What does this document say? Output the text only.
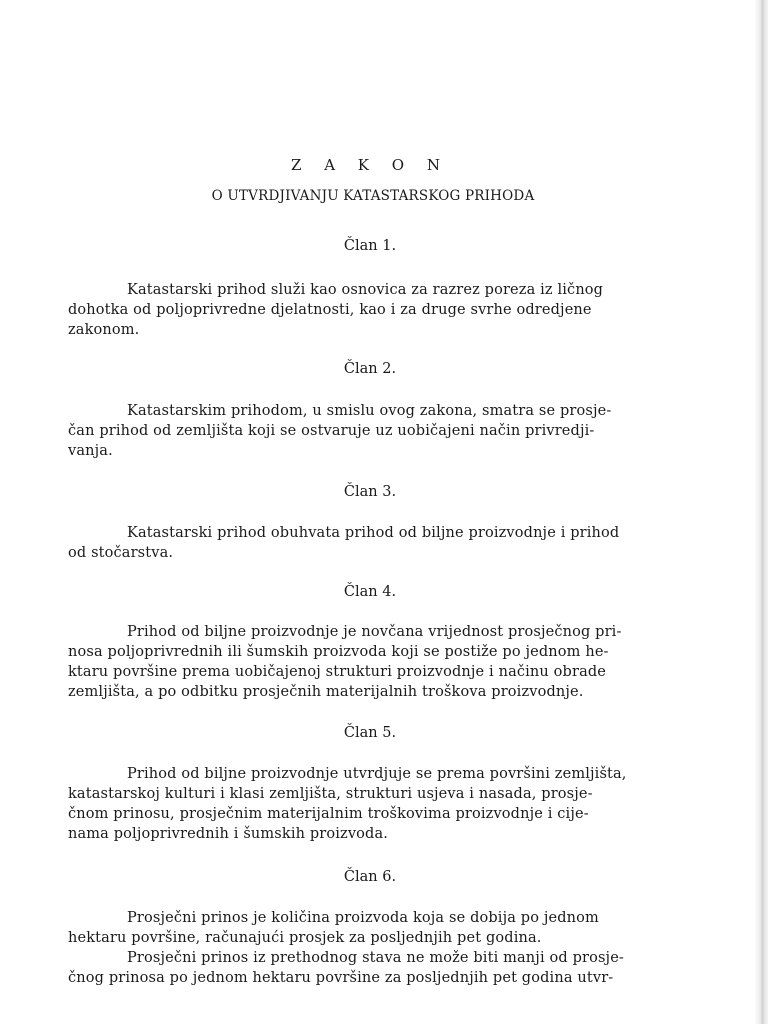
Z A K O N
O UTVRDJIVANJU KATASTARSKOG PRIHODA
Član 1.
Katastarski prihod služi kao osnovica za razrez poreza iz ličnog
dohotka od poljoprivredne djelatnosti, kao i za druge svrhe odredjene
zakonom.
Član 2.
Katastarskim prihodom, u smislu ovog zakona, smatra se prosje-
čan prihod od zemljišta koji se ostvaruje uz uobičajeni način privredji-
vanja.
Član 3.
Katastarski prihod obuhvata prihod od biljne proizvodnje i prihod
od stočarstva.
Član 4.
Prihod od biljne proizvodnje je novčana vrijednost prosječnog pri-
nosa poljoprivrednih ili šumskih proizvoda koji se postiže po jednom he-
ktaru površine prema uobičajenoj strukturi proizvodnje i načinu obrade
zemljišta, a po odbitku prosječnih materijalnih troškova proizvodnje.
Član 5.
Prihod od biljne proizvodnje utvrdjuje se prema površini zemljišta,
katastarskoj kulturi i klasi zemljišta, strukturi usjeva i nasada, prosje-
čnom prinosu, prosječnim materijalnim troškovima proizvodnje i cije-
nama poljoprivrednih i šumskih proizvoda.
Član 6.
Prosječni prinos je količina proizvoda koja se dobija po jednom
hektaru površine, računajući prosjek za posljednjih pet godina.
Prosječni prinos iz prethodnog stava ne može biti manji od prosje-
čnog prinosa po jednom hektaru površine za posljednjih pet godina utvr-
